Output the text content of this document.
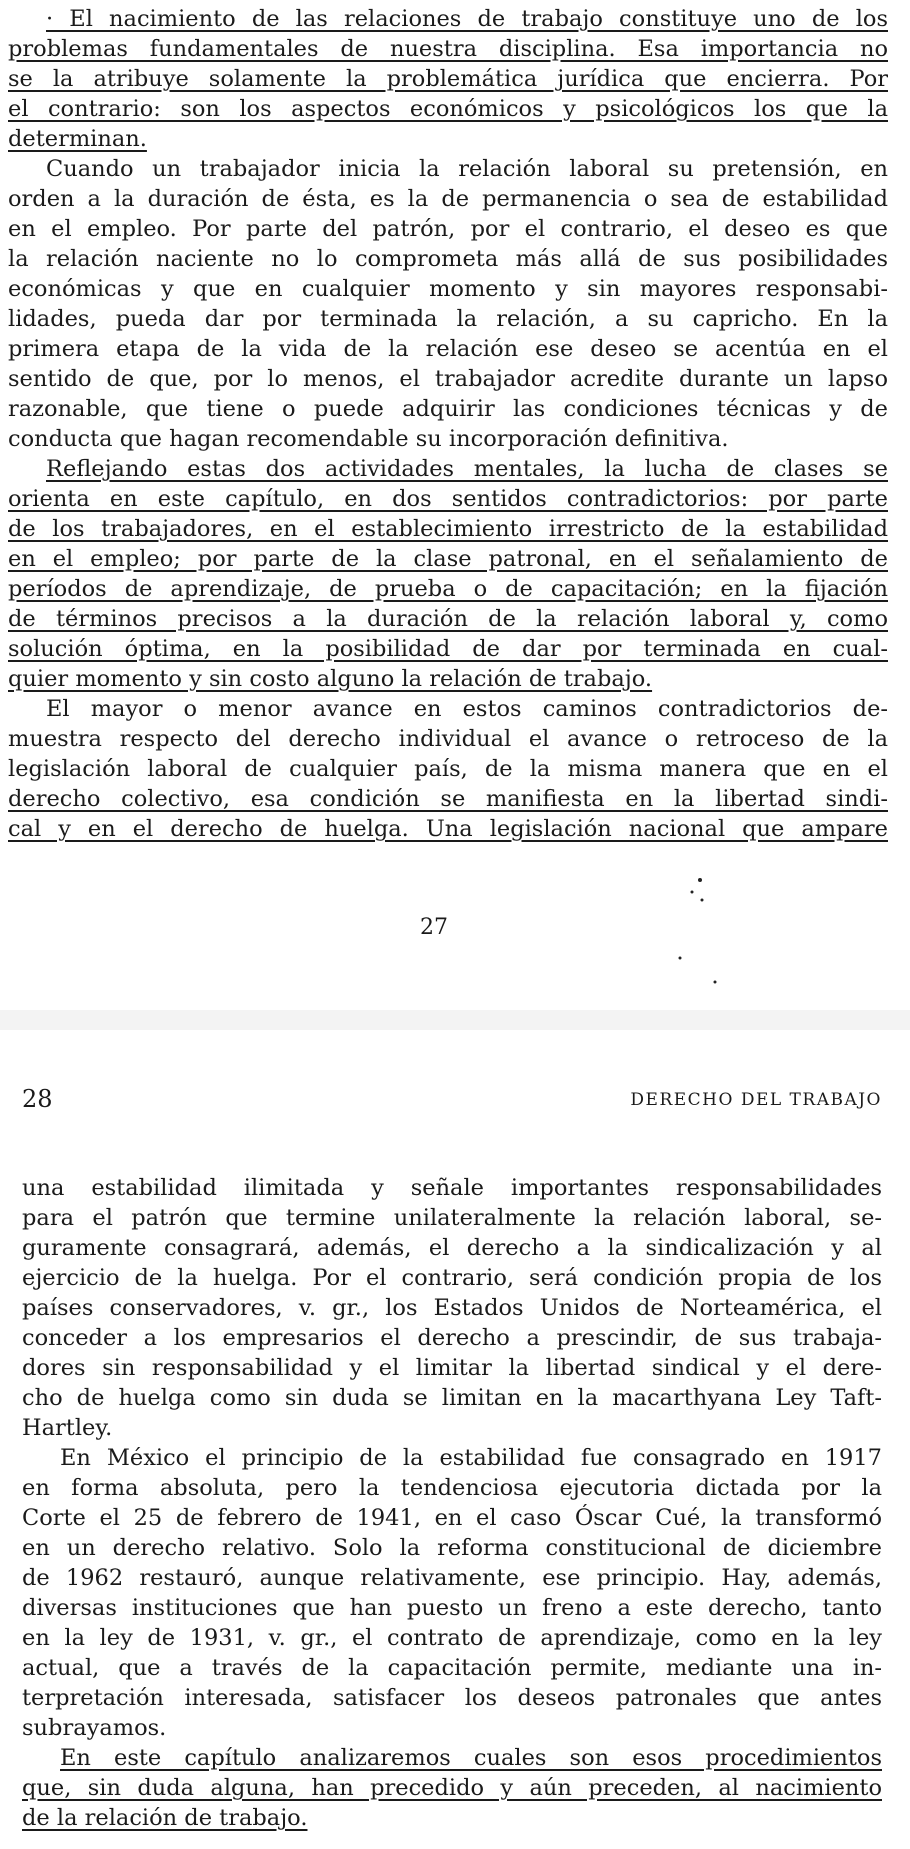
· El nacimiento de las relaciones de trabajo constituye uno de los
problemas fundamentales de nuestra disciplina. Esa importancia no
se la atribuye solamente la problemática jurídica que encierra. Por
el contrario: son los aspectos económicos y psicológicos los que la
determinan.
Cuando un trabajador inicia la relación laboral su pretensión, en
orden a la duración de ésta, es la de permanencia o sea de estabilidad
en el empleo. Por parte del patrón, por el contrario, el deseo es que
la relación naciente no lo comprometa más allá de sus posibilidades
económicas y que en cualquier momento y sin mayores responsabi-
lidades, pueda dar por terminada la relación, a su capricho. En la
primera etapa de la vida de la relación ese deseo se acentúa en el
sentido de que, por lo menos, el trabajador acredite durante un lapso
razonable, que tiene o puede adquirir las condiciones técnicas y de
conducta que hagan recomendable su incorporación definitiva.
Reflejando estas dos actividades mentales, la lucha de clases se
orienta en este capítulo, en dos sentidos contradictorios: por parte
de los trabajadores, en el establecimiento irrestricto de la estabilidad
en el empleo; por parte de la clase patronal, en el señalamiento de
períodos de aprendizaje, de prueba o de capacitación; en la fijación
de términos precisos a la duración de la relación laboral y, como
solución óptima, en la posibilidad de dar por terminada en cual-
quier momento y sin costo alguno la relación de trabajo.
El mayor o menor avance en estos caminos contradictorios de-
muestra respecto del derecho individual el avance o retroceso de la
legislación laboral de cualquier país, de la misma manera que en el
derecho colectivo, esa condición se manifiesta en la libertad sindi-
cal y en el derecho de huelga. Una legislación nacional que ampare
27
28	DERECHO DEL TRABAJO
una estabilidad ilimitada y señale importantes responsabilidades
para el patrón que termine unilateralmente la relación laboral, se-
guramente consagrará, además, el derecho a la sindicalización y al
ejercicio de la huelga. Por el contrario, será condición propia de los
países conservadores, v. gr., los Estados Unidos de Norteamérica, el
conceder a los empresarios el derecho a prescindir, de sus trabaja-
dores sin responsabilidad y el limitar la libertad sindical y el dere-
cho de huelga como sin duda se limitan en la macarthyana Ley Taft-
Hartley.
En México el principio de la estabilidad fue consagrado en 1917
en forma absoluta, pero la tendenciosa ejecutoria dictada por la
Corte el 25 de febrero de 1941, en el caso Óscar Cué, la transformó
en un derecho relativo. Solo la reforma constitucional de diciembre
de 1962 restauró, aunque relativamente, ese principio. Hay, además,
diversas instituciones que han puesto un freno a este derecho, tanto
en la ley de 1931, v. gr., el contrato de aprendizaje, como en la ley
actual, que a través de la capacitación permite, mediante una in-
terpretación interesada, satisfacer los deseos patronales que antes
subrayamos.
En este capítulo analizaremos cuales son esos procedimientos
que, sin duda alguna, han precedido y aún preceden, al nacimiento
de la relación de trabajo.
